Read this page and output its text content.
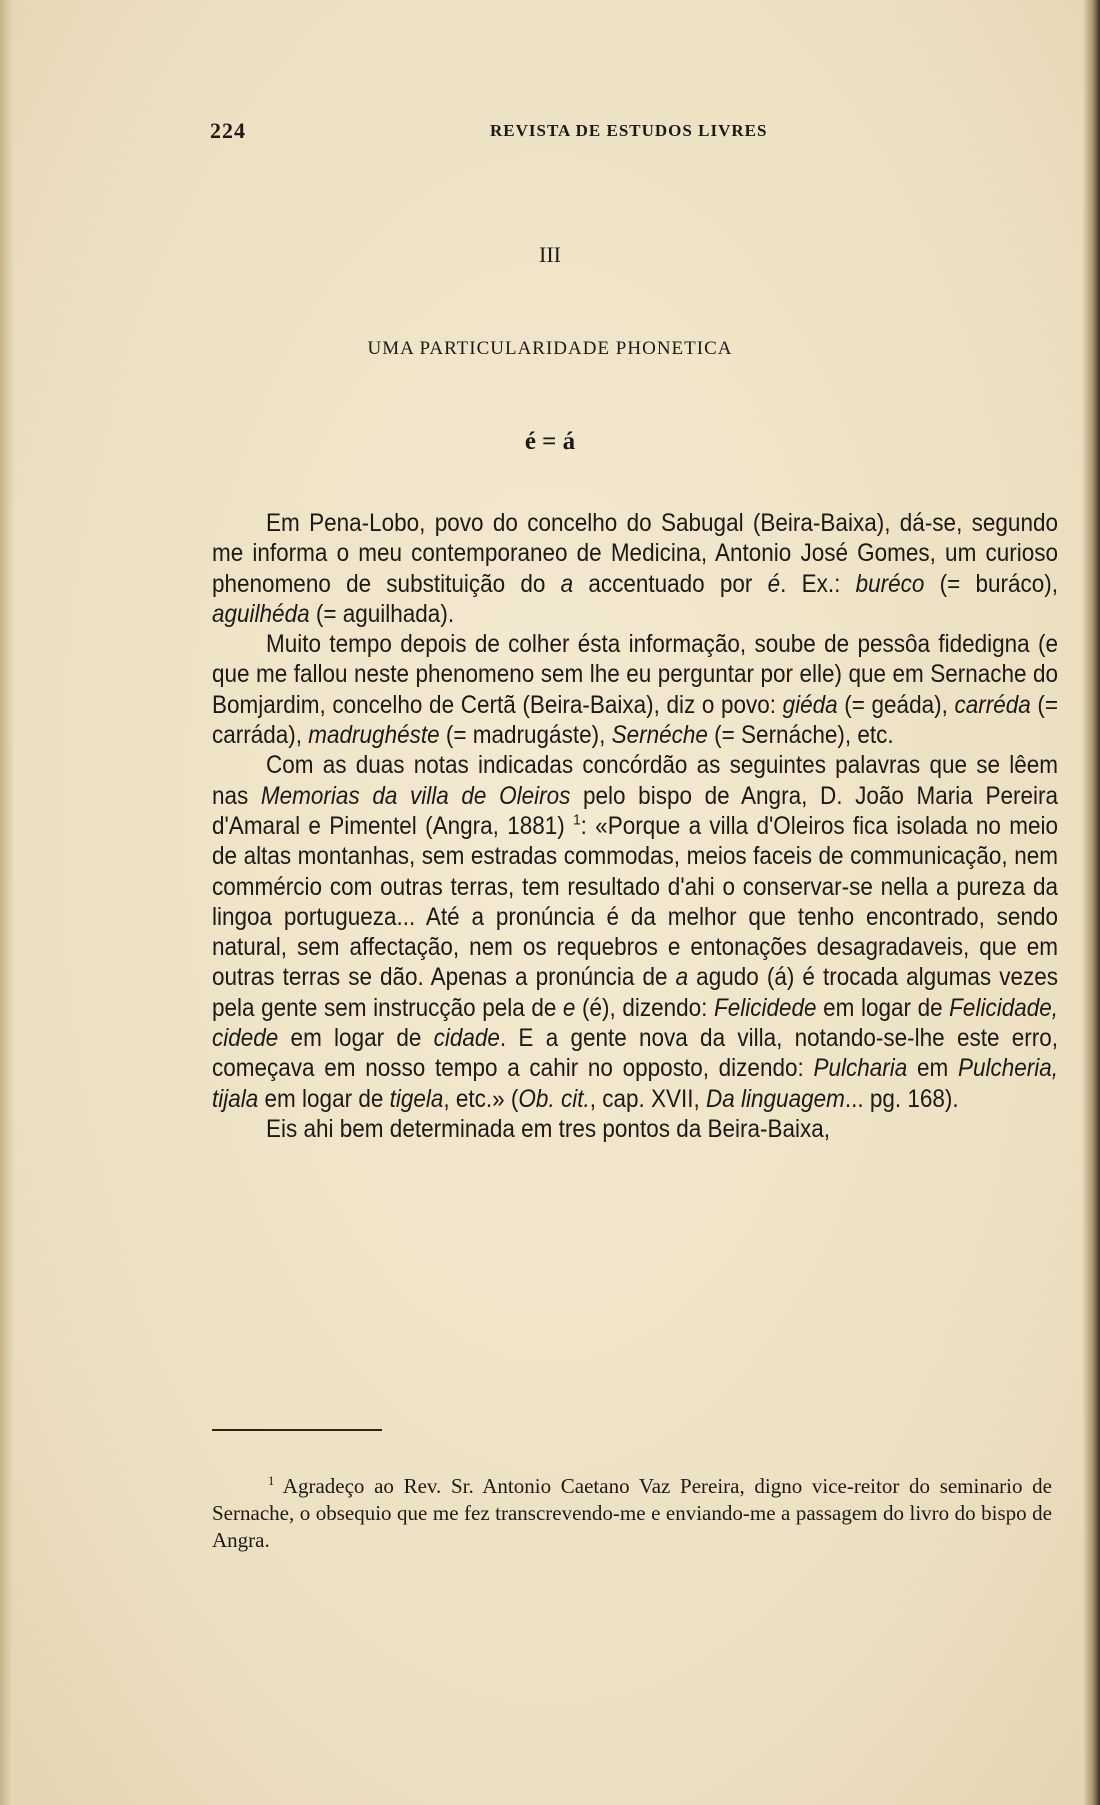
224	REVISTA DE ESTUDOS LIVRES
III
UMA PARTICULARIDADE PHONETICA
é = á

Em Pena-Lobo, povo do concelho do Sabugal (Beira-Baixa), dá-se, segundo me informa o meu contemporaneo de Medicina, Antonio José Gomes, um curioso phenomeno de substituição do a accentuado por é. Ex.: buréco (= buráco), aguilhéda (= aguilhada).

Muito tempo depois de colher ésta informação, soube de pessôa fidedigna (e que me fallou neste phenomeno sem lhe eu perguntar por elle) que em Sernache do Bomjardim, concelho de Certã (Beira-Baixa), diz o povo: giéda (= geáda), carréda (= carráda), madrughéste (= madrugáste), Sernéche (= Sernáche), etc.

Com as duas notas indicadas concórdão as seguintes palavras que se lêem nas Memorias da villa de Oleiros pelo bispo de Angra, D. João Maria Pereira d'Amaral e Pimentel (Angra, 1881) $^1$: «Porque a villa d'Oleiros fica isolada no meio de altas montanhas, sem estradas commodas, meios faceis de communicação, nem commércio com outras terras, tem resultado d'ahi o conservar-se nella a pureza da lingoa portugueza... Até a pronúncia é da melhor que tenho encontrado, sendo natural, sem affectação, nem os requebros e entonações desagradaveis, que em outras terras se dão. Apenas a pronúncia de a agudo (á) é trocada algumas vezes pela gente sem instrucção pela de e (é), dizendo: Felicidede em logar de Felicidade, cidede em logar de cidade. E a gente nova da villa, notando-se-lhe este erro, começava em nosso tempo a cahir no opposto, dizendo: Pulcharia em Pulcheria, tijala em logar de tigela, etc.» (Ob. cit., cap. XVII, Da linguagem... pg. 168).

Eis ahi bem determinada em tres pontos da Beira-Baixa,

$^1$ Agradeço ao Rev. Sr. Antonio Caetano Vaz Pereira, digno vice-reitor do seminario de Sernache, o obsequio que me fez transcrevendo-me e enviando-me a passagem do livro do bispo de Angra.
